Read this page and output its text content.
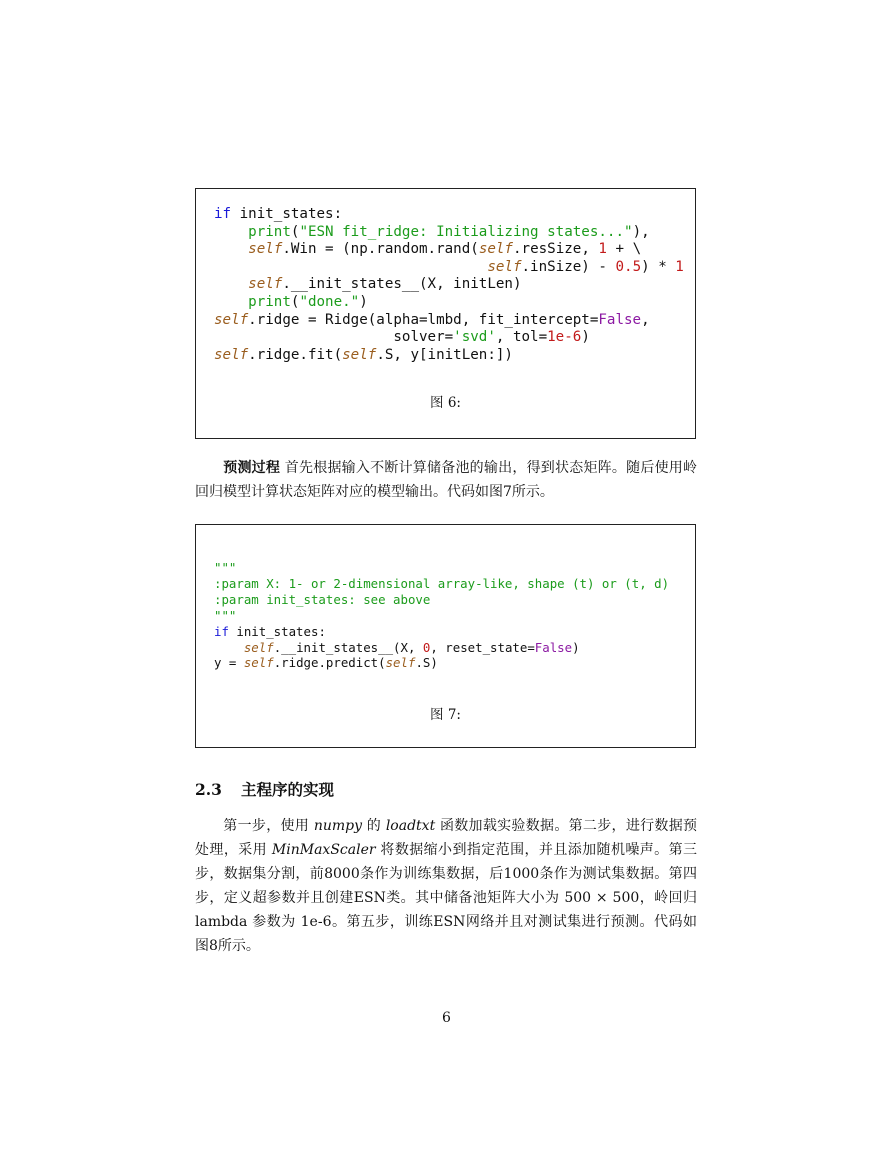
if init_states:
print("ESN fit_ridge: Initializing states..."),
self.Win = (np.random.rand(self.resSize, 1 + \
self.inSize) - 0.5) * 1
self.__init_states__(X, initLen)
print("done.")
self.ridge = Ridge(alpha=lmbd, fit_intercept=False,
solver='svd', tol=1e-6)
self.ridge.fit(self.S, y[initLen:])
图 6:

预测过程 首先根据输入不断计算储备池的输出，得到状态矩阵。随后使用岭回归模型计算状态矩阵对应的模型输出。代码如图7所示。

"""
:param X: 1- or 2-dimensional array-like, shape (t) or (t, d)
:param init_states: see above
"""
if init_states:
self.__init_states__(X, 0, reset_state=False)
y = self.ridge.predict(self.S)
图 7:
2.3 主程序的实现

第一步，使用 numpy 的 loadtxt 函数加载实验数据。第二步，进行数据预处理，采用 MinMaxScaler 将数据缩小到指定范围，并且添加随机噪声。第三步，数据集分割，前8000条作为训练集数据，后1000条作为测试集数据。第四步，定义超参数并且创建ESN类。其中储备池矩阵大小为 500 × 500，岭回归 lambda 参数为 1e-6。第五步，训练ESN网络并且对测试集进行预测。代码如图8所示。

6
